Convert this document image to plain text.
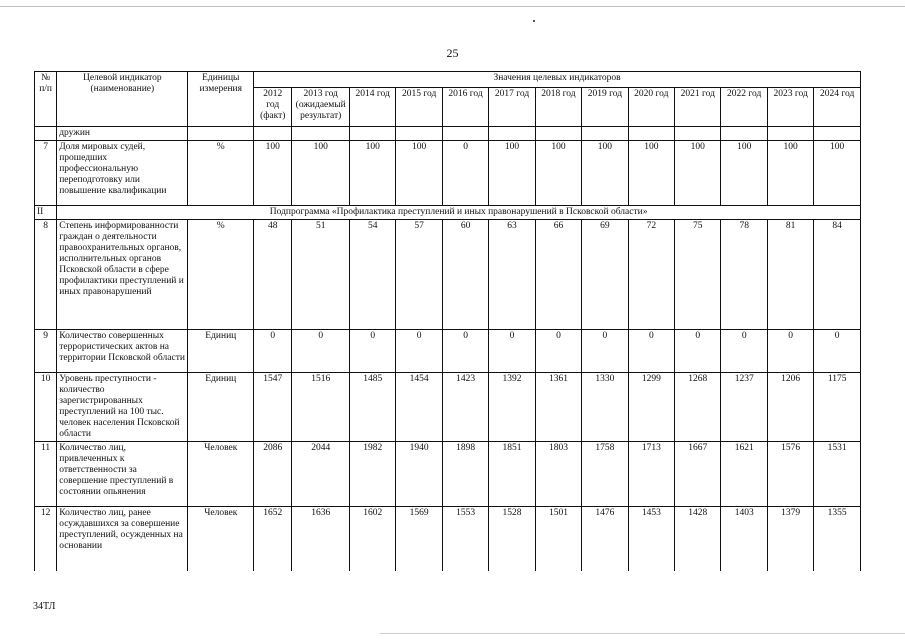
25
№ п/п	Целевой индикатор (наименование)	Единицы измерения	Значения целевых индикаторов												
			2012 год (факт)	2013 год (ожидаемый результат)	2014 год	2015 год	2016 год	2017 год	2018 год	2019 год	2020 год	2021 год	2022 год	2023 год	2024 год
	дружин														
7	Доля мировых судей, прошедших профессиональную переподготовку или повышение квалификации	%	100	100	100	100	0	100	100	100	100	100	100	100	100
II	Подпрограмма «Профилактика преступлений и иных правонарушений в Псковской области»														
8	Степень информированности граждан о деятельности правоохранительных органов, исполнительных органов Псковской области в сфере профилактики преступлений и иных правонарушений	%	48	51	54	57	60	63	66	69	72	75	78	81	84
9	Количество совершенных террористических актов на территории Псковской области	Единиц	0	0	0	0	0	0	0	0	0	0	0	0	0
10	Уровень преступности - количество зарегистрированных преступлений на 100 тыс. человек населения Псковской области	Единиц	1547	1516	1485	1454	1423	1392	1361	1330	1299	1268	1237	1206	1175
11	Количество лиц, привлеченных к ответственности за совершение преступлений в состоянии опьянения	Человек	2086	2044	1982	1940	1898	1851	1803	1758	1713	1667	1621	1576	1531
12	Количество лиц, ранее осуждавшихся за совершение преступлений, осужденных на основании	Человек	1652	1636	1602	1569	1553	1528	1501	1476	1453	1428	1403	1379	1355
34ТЛ
